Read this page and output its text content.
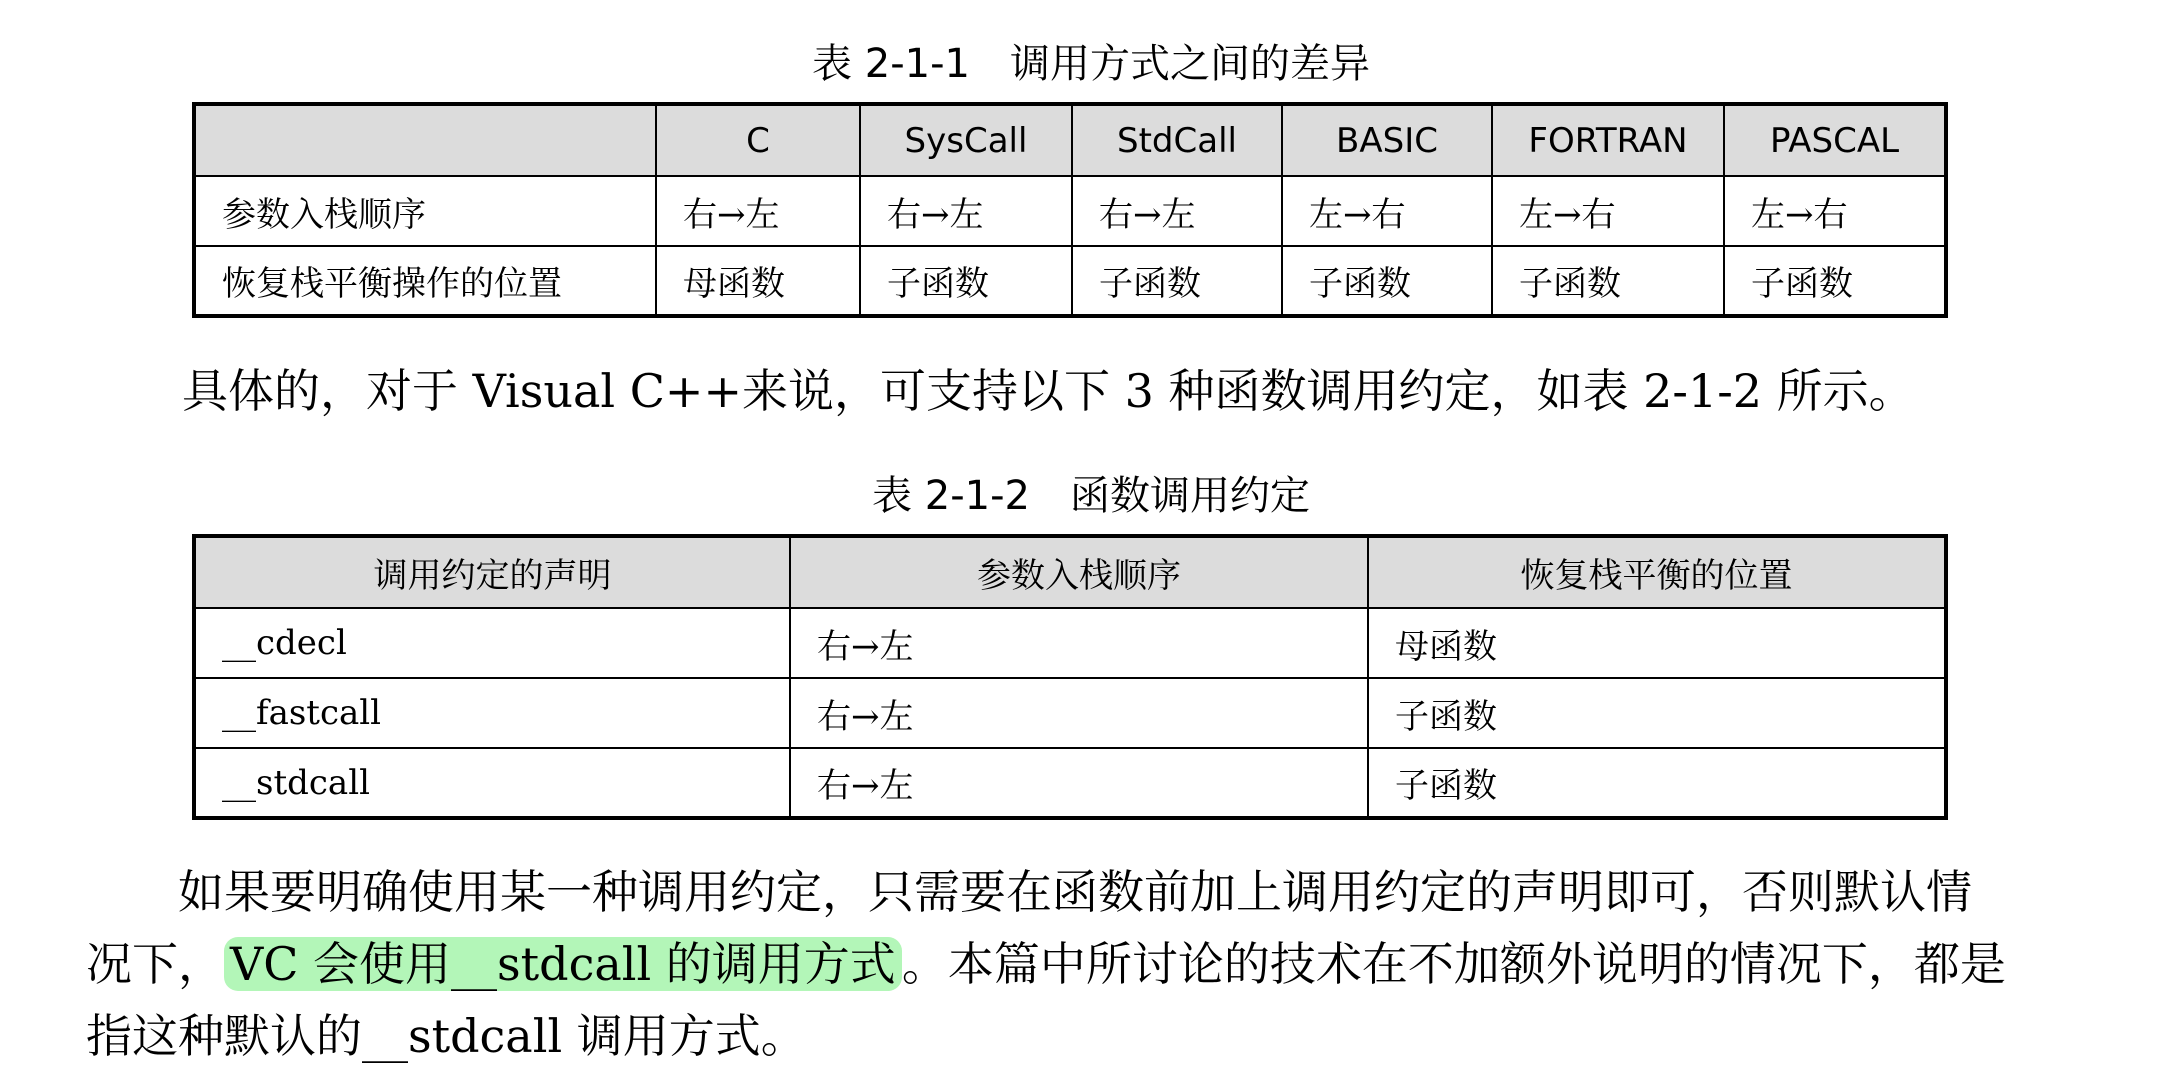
表 2-1-1　调用方式之间的差异
	C	SysCall	StdCall	BASIC	FORTRAN	PASCAL
参数入栈顺序	右→左	右→左	右→左	左→右	左→右	左→右
恢复栈平衡操作的位置	母函数	子函数	子函数	子函数	子函数	子函数
具体的，对于 Visual C++来说，可支持以下 3 种函数调用约定，如表 2-1-2 所示。
表 2-1-2　函数调用约定
调用约定的声明	参数入栈顺序	恢复栈平衡的位置
__cdecl	右→左	母函数
__fastcall	右→左	子函数
__stdcall	右→左	子函数
　　如果要明确使用某一种调用约定，只需要在函数前加上调用约定的声明即可，否则默认情
况下， VC 会使用__stdcall 的调用方式 。本篇中所讨论的技术在不加额外说明的情况下，都是
指这种默认的__stdcall 调用方式。
